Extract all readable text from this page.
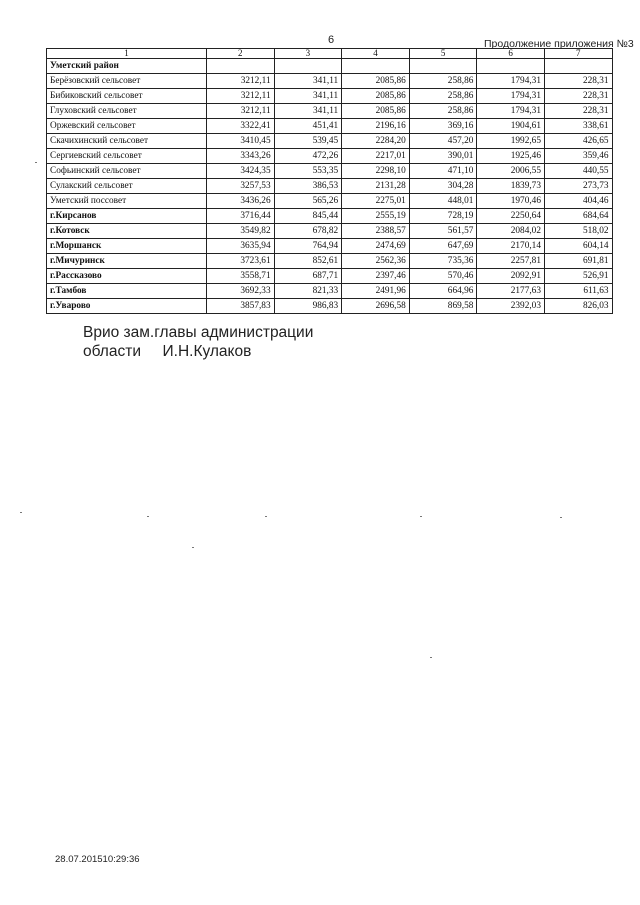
6	Продолжение приложения №3
1	2	3	4	5	6	7
Уметский район						
Берёзовский сельсовет	3212,11	341,11	2085,86	258,86	1794,31	228,31
Бибиковский сельсовет	3212,11	341,11	2085,86	258,86	1794,31	228,31
Глуховский сельсовет	3212,11	341,11	2085,86	258,86	1794,31	228,31
Оржевский сельсовет	3322,41	451,41	2196,16	369,16	1904,61	338,61
Скачихинский сельсовет	3410,45	539,45	2284,20	457,20	1992,65	426,65
Сергиевский сельсовет	3343,26	472,26	2217,01	390,01	1925,46	359,46
Софьинский сельсовет	3424,35	553,35	2298,10	471,10	2006,55	440,55
Сулакский сельсовет	3257,53	386,53	2131,28	304,28	1839,73	273,73
Уметский поссовет	3436,26	565,26	2275,01	448,01	1970,46	404,46
г.Кирсанов	3716,44	845,44	2555,19	728,19	2250,64	684,64
г.Котовск	3549,82	678,82	2388,57	561,57	2084,02	518,02
г.Моршанск	3635,94	764,94	2474,69	647,69	2170,14	604,14
г.Мичуринск	3723,61	852,61	2562,36	735,36	2257,81	691,81
г.Рассказово	3558,71	687,71	2397,46	570,46	2092,91	526,91
г.Тамбов	3692,33	821,33	2491,96	664,96	2177,63	611,63
г.Уварово	3857,83	986,83	2696,58	869,58	2392,03	826,03
Врио зам.главы администрации
области     И.Н.Кулаков
28.07.201510:29:36
